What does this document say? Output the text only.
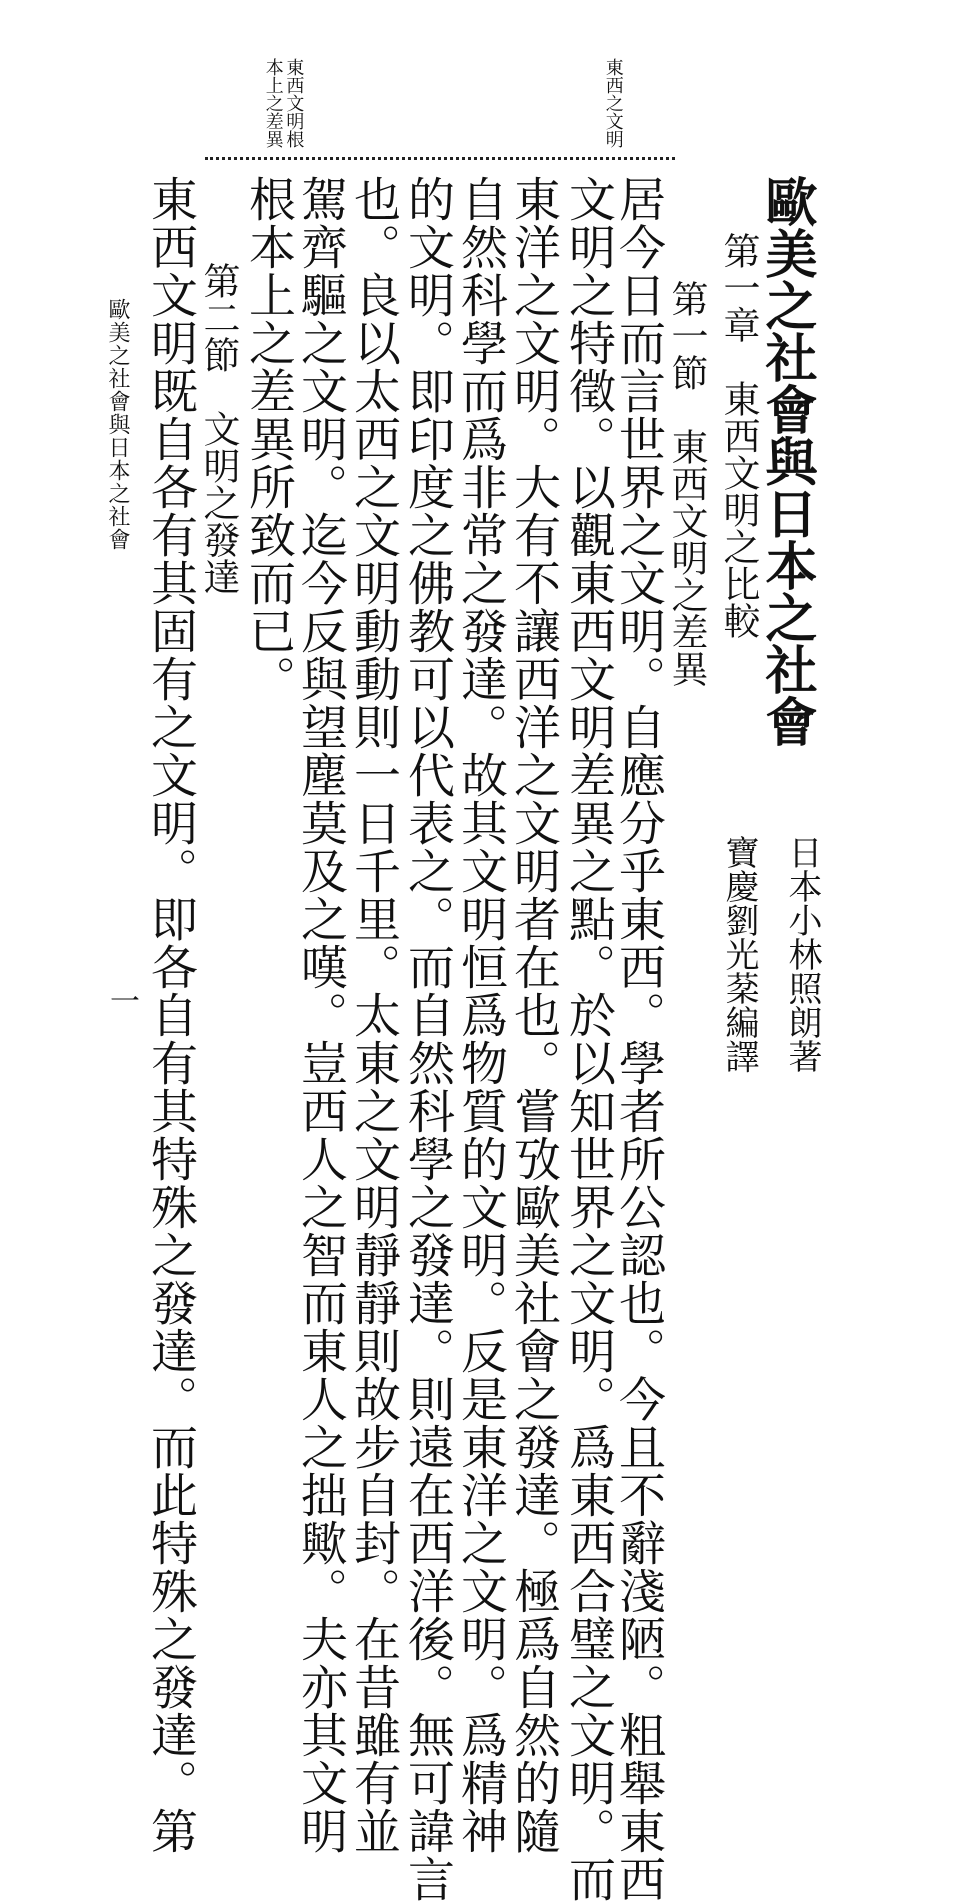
東西之文明
東西文明根本上之差異
歐美之社會與日本之社會
日本小林照朗著
寶慶劉光棻編譯
第一章　東西文明之比較
第一節　東西文明之差異
居今日而言世界之文明。自應分乎東西。學者所公認也。今且不辭淺陋。粗舉東西
文明之特徵。以觀東西文明差異之點。於以知世界之文明。爲東西合璧之文明。而
東洋之文明。大有不讓西洋之文明者在也。嘗攷歐美社會之發達。極爲自然的隨
自然科學而爲非常之發達。故其文明恒爲物質的文明。反是東洋之文明。爲精神
的文明。即印度之佛教可以代表之。而自然科學之發達。則遠在西洋後。無可諱言
也。良以太西之文明動動則一日千里。太東之文明靜靜則故步自封。在昔雖有並
駕齊驅之文明。迄今反與望塵莫及之嘆。豈西人之智而東人之拙歟。夫亦其文明
根本上之差異所致而已。
第二節　文明之發達
東西文明既自各有其固有之文明。即各自有其特殊之發達。而此特殊之發達。第
歐美之社會與日本之社會
一
